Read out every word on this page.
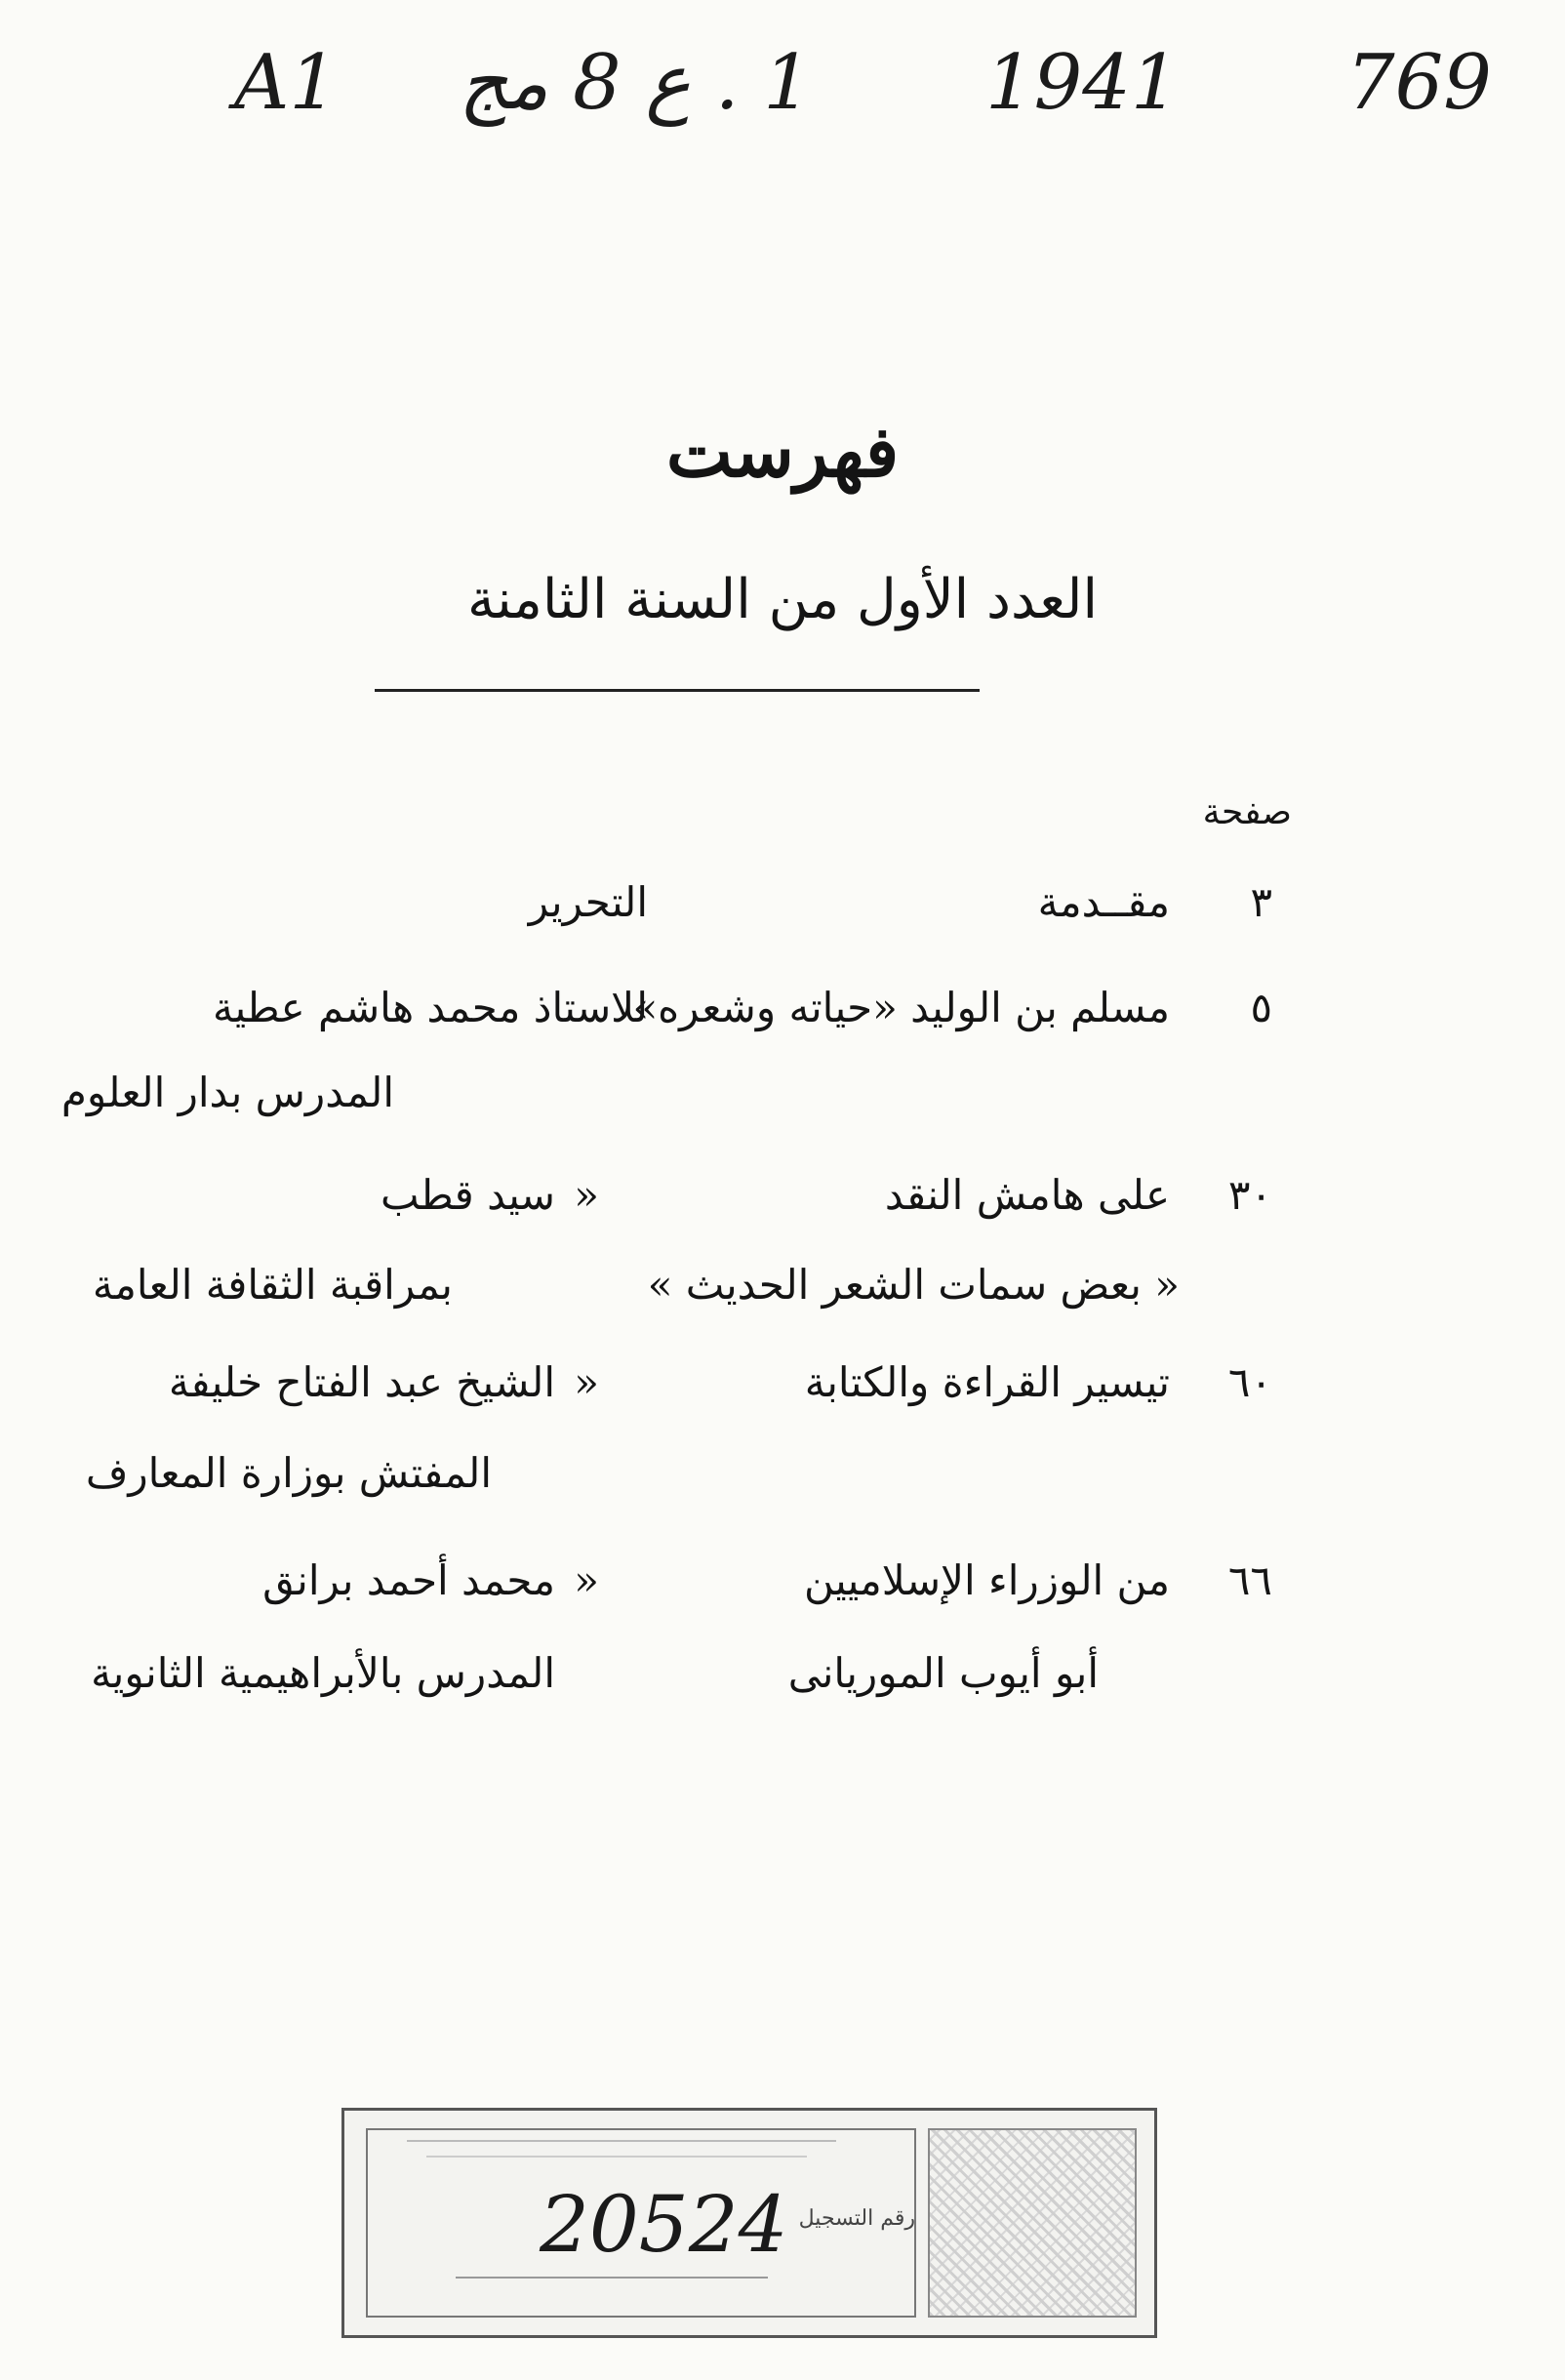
A1 1 . ع 8 مج 1941 769
فهرست
العدد الأول من السنة الثامنة
صفحة
٣
مقــدمة
التحرير
٥
مسلم بن الوليد «حياته وشعره»
للاستاذ محمد هاشم عطية
المدرس بدار العلوم
٣٠
على هامش النقد
«
سيد قطب
« بعض سمات الشعر الحديث »
بمراقبة الثقافة العامة
٦٠
تيسير القراءة والكتابة
«
الشيخ عبد الفتاح خليفة
المفتش بوزارة المعارف
٦٦
من الوزراء الإسلاميين
«
محمد أحمد برانق
أبو أيوب الموريانى
المدرس بالأبراهيمية الثانوية
رقم التسجيل
20524
